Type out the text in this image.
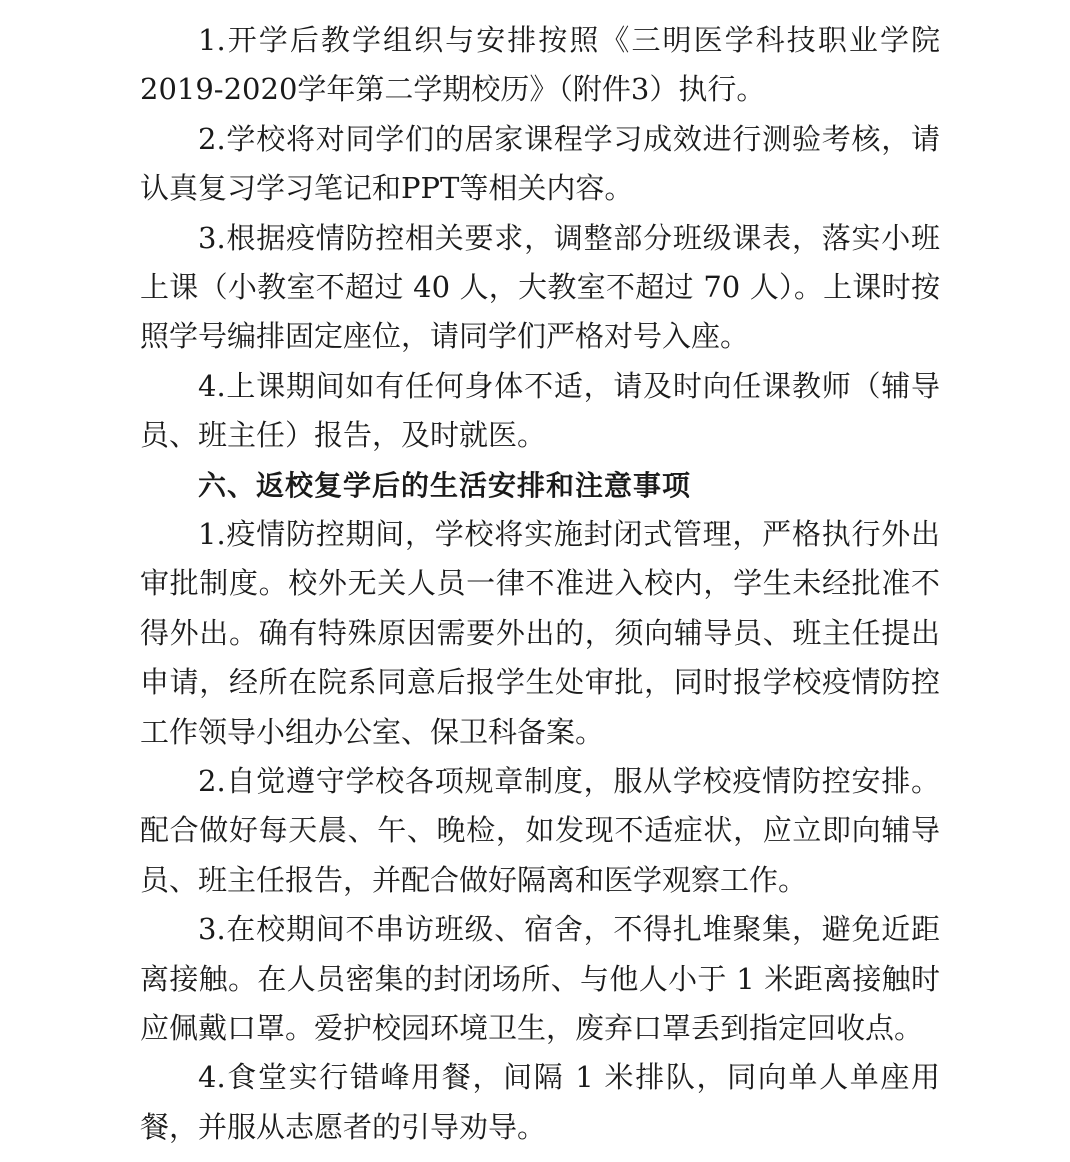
1.开学后教学组织与安排按照《三明医学科技职业学院
2019-2020学年第二学期校历》（附件3）执行。
2.学校将对同学们的居家课程学习成效进行测验考核，请
认真复习学习笔记和PPT等相关内容。
3.根据疫情防控相关要求，调整部分班级课表，落实小班
上课（小教室不超过 40 人，大教室不超过 70 人）。上课时按
照学号编排固定座位，请同学们严格对号入座。
4.上课期间如有任何身体不适，请及时向任课教师（辅导
员、班主任）报告，及时就医。
六、返校复学后的生活安排和注意事项
1.疫情防控期间，学校将实施封闭式管理，严格执行外出
审批制度。校外无关人员一律不准进入校内，学生未经批准不
得外出。确有特殊原因需要外出的，须向辅导员、班主任提出
申请，经所在院系同意后报学生处审批，同时报学校疫情防控
工作领导小组办公室、保卫科备案。
2.自觉遵守学校各项规章制度，服从学校疫情防控安排。
配合做好每天晨、午、晚检，如发现不适症状，应立即向辅导
员、班主任报告，并配合做好隔离和医学观察工作。
3.在校期间不串访班级、宿舍，不得扎堆聚集，避免近距
离接触。在人员密集的封闭场所、与他人小于 1 米距离接触时
应佩戴口罩。爱护校园环境卫生，废弃口罩丢到指定回收点。
4.食堂实行错峰用餐，间隔 1 米排队，同向单人单座用
餐，并服从志愿者的引导劝导。
